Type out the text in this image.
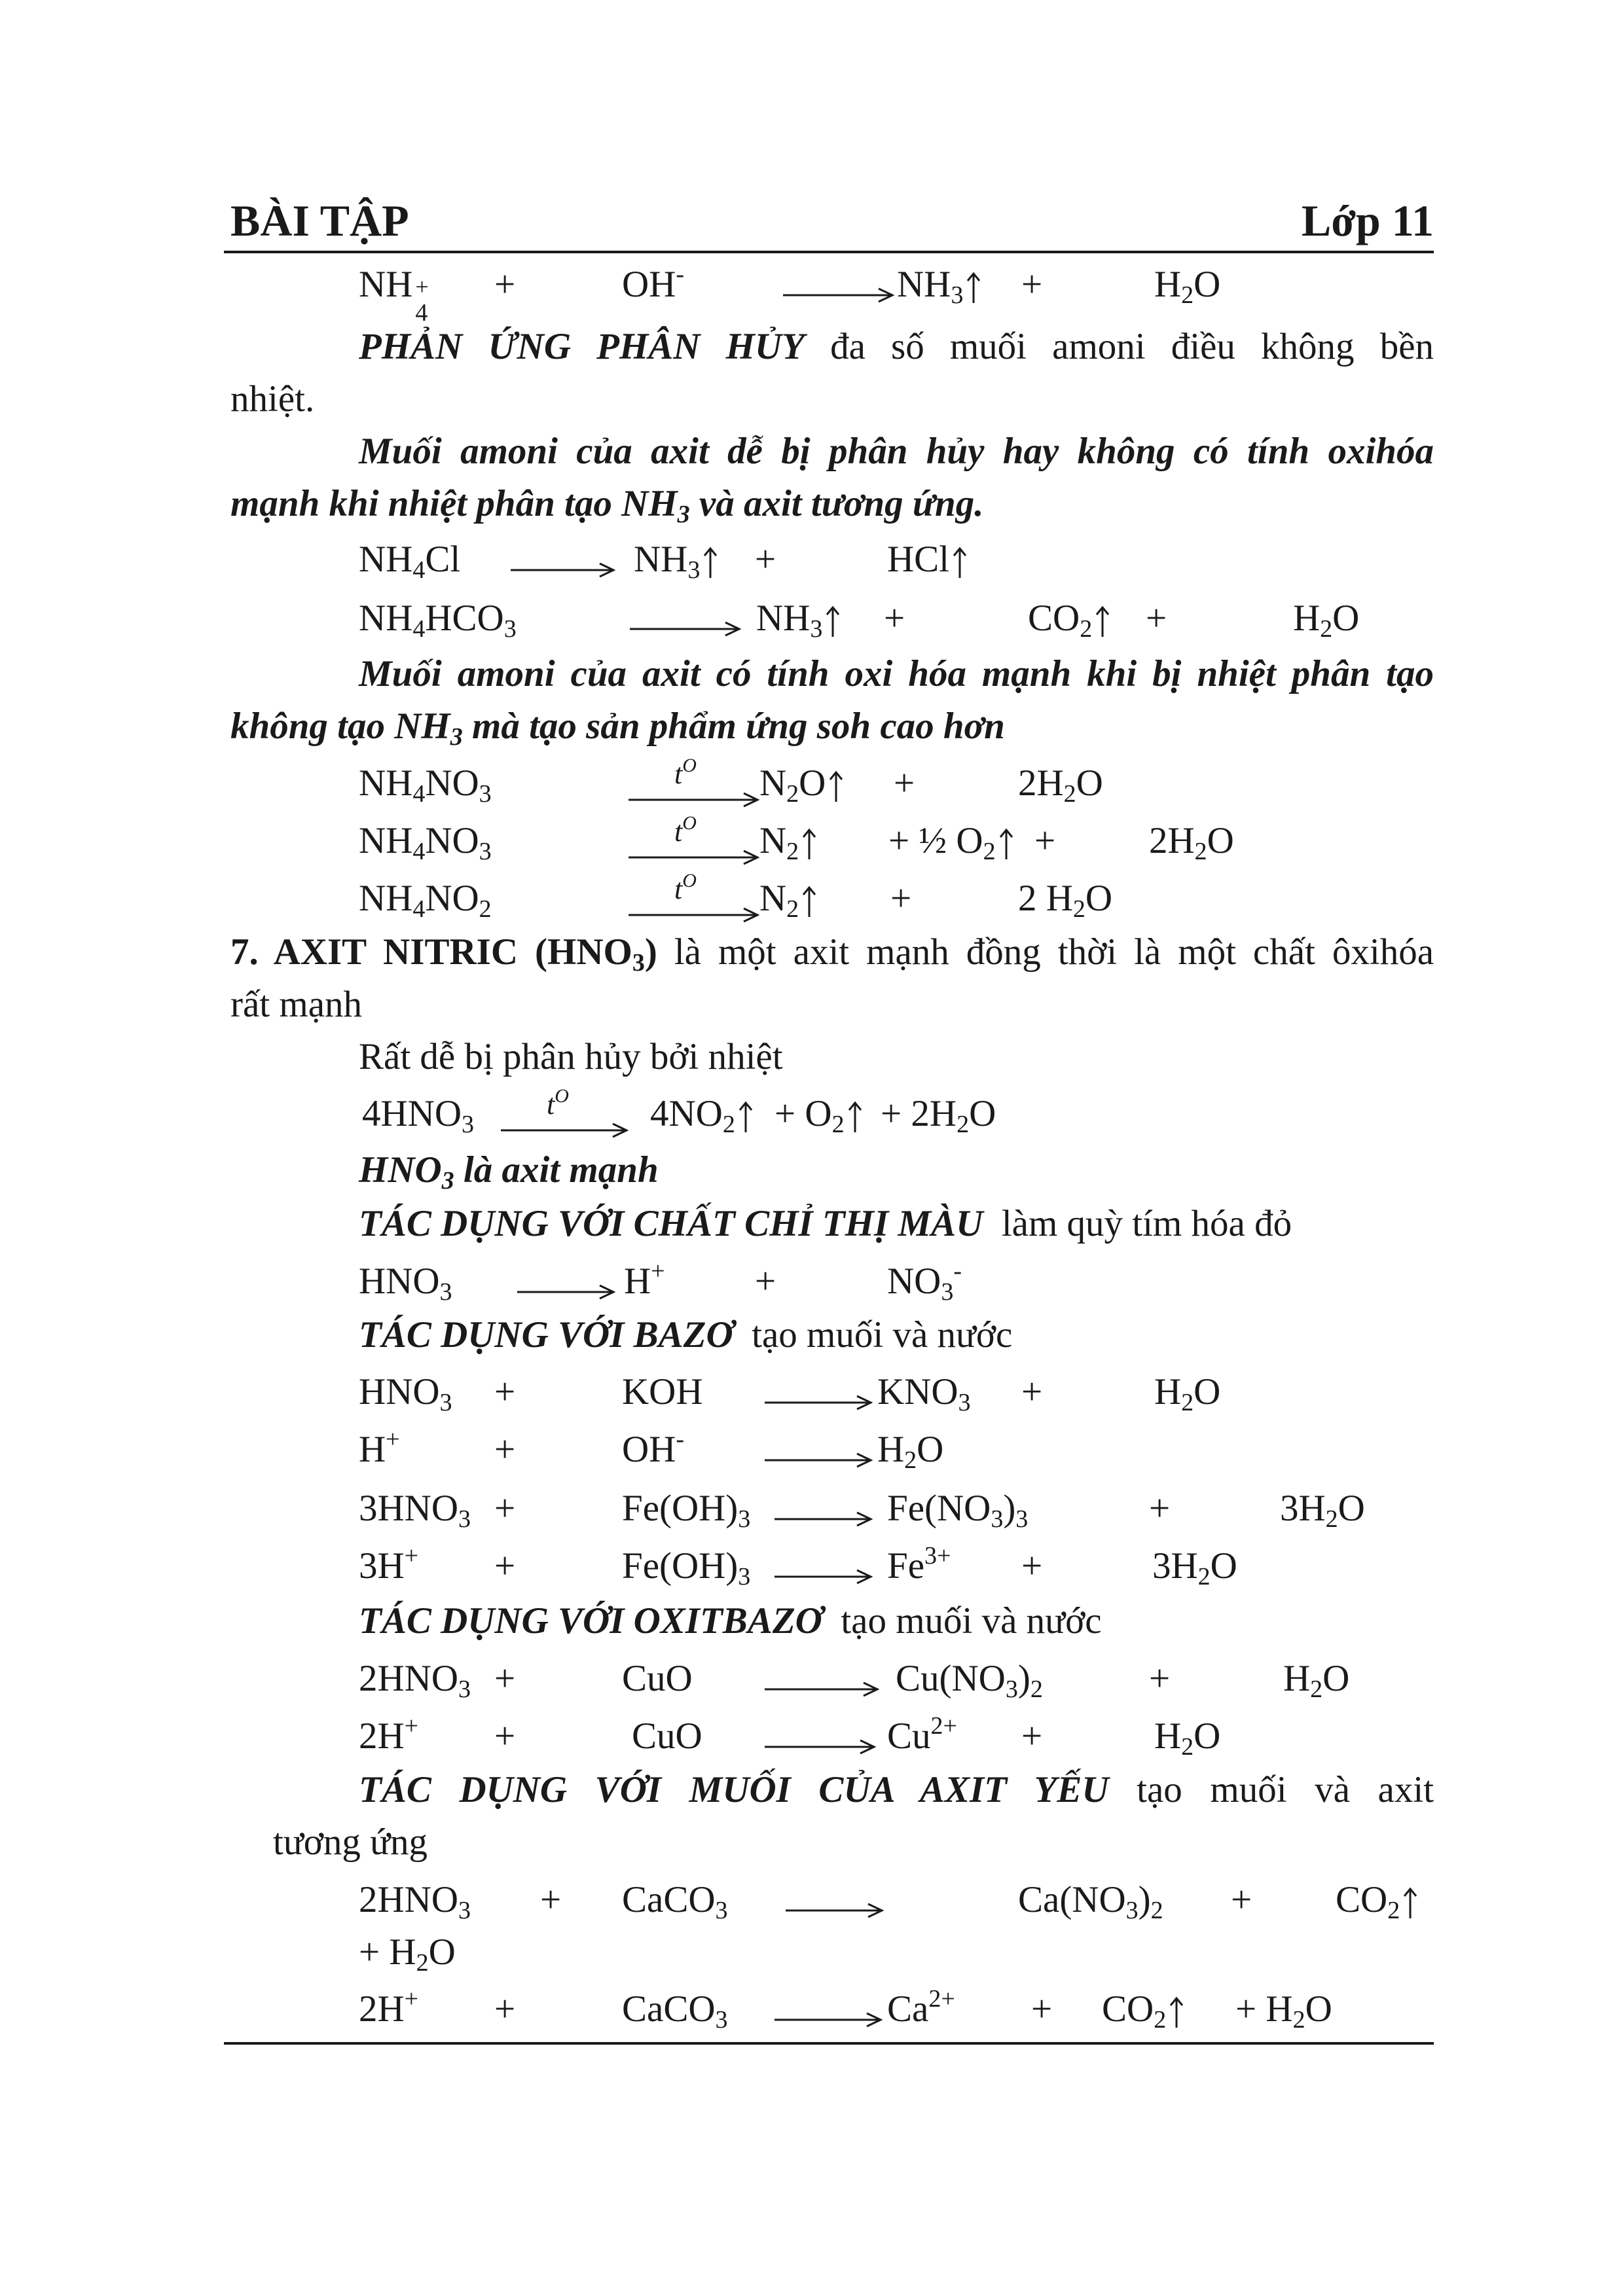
BÀI TẬP	Lớp 11
NH +
4
+	OH-	→ $NH_3$	+	$H_2O$
PHẢN ỨNG PHÂN HỦY đa số muối amoni điều không bền
nhiệt.
Muối amoni của axit dễ bị phân hủy hay không có tính oxihóa
mạnh khi nhiệt phân tạo $NH_3$ và axit tương ứng.
$NH_4Cl \to NH_3$	+	HCl
$NH_4HCO_3$	→ $NH_3$	+	$CO_2$	+	$H_2O$
Muối amoni của axit có tính oxi hóa mạnh khi bị nhiệt phân tạo
không tạo $NH_3$ mà tạo sản phẩm ứng soh cao hơn
$NH_4NO_3$
$t^O$ $N_2O$	+	$2H_2O$
$NH_4NO_3$
$t^O$ $N_2$	+ ½ $O_2$	+	$2H_2O$
$NH_4NO_2$
$t^O$ $N_2$	+	2 $H_2O$
7. AXIT NITRIC $(HNO_3)$ là một axit mạnh đồng thời là một chất ôxihóa
rất mạnh
Rất dễ bị phân hủy bởi nhiệt
$4HNO_3$
$t^O$ $4NO_2$	+ $O_2 + 2H_2O$
$HNO_3$ là axit mạnh
TÁC DỤNG VỚI CHẤT CHỈ THỊ MÀU làm quỳ tím hóa đỏ
$HNO_3 \to H^+$ +	$NO_3^-$
TÁC DỤNG VỚI BAZƠ tạo muối và nước
$HNO_3$ +	KOH → $KNO_3$ +	$H_2O$
H+	+	$OH^- \to H_2O$
$3HNO_3$ +	$Fe(OH)_3 \to Fe(NO_3)_3$	+	$3H_2O$
3H+ +	$Fe(OH)_3 \to Fe^{3+}$ +	$3H_2O$
TÁC DỤNG VỚI OXITBAZƠ tạo muối và nước
$2HNO_3$ +	CuO → $Cu(NO_3)_2$	+	$H_2O$
2H+ +	CuO → $Cu^{2+}$ +	$H_2O$
TÁC DỤNG VỚI MUỐI CỦA AXIT YẾU tạo muối và axit
tương ứng
$2HNO_3$ + CaCO$_3$	$Ca(NO_3)_2 + CO_2$
+ $H_2O$
2H+ +	CaCO$_3$ → $Ca^{2+} + CO_2$	+ $H_2O$
